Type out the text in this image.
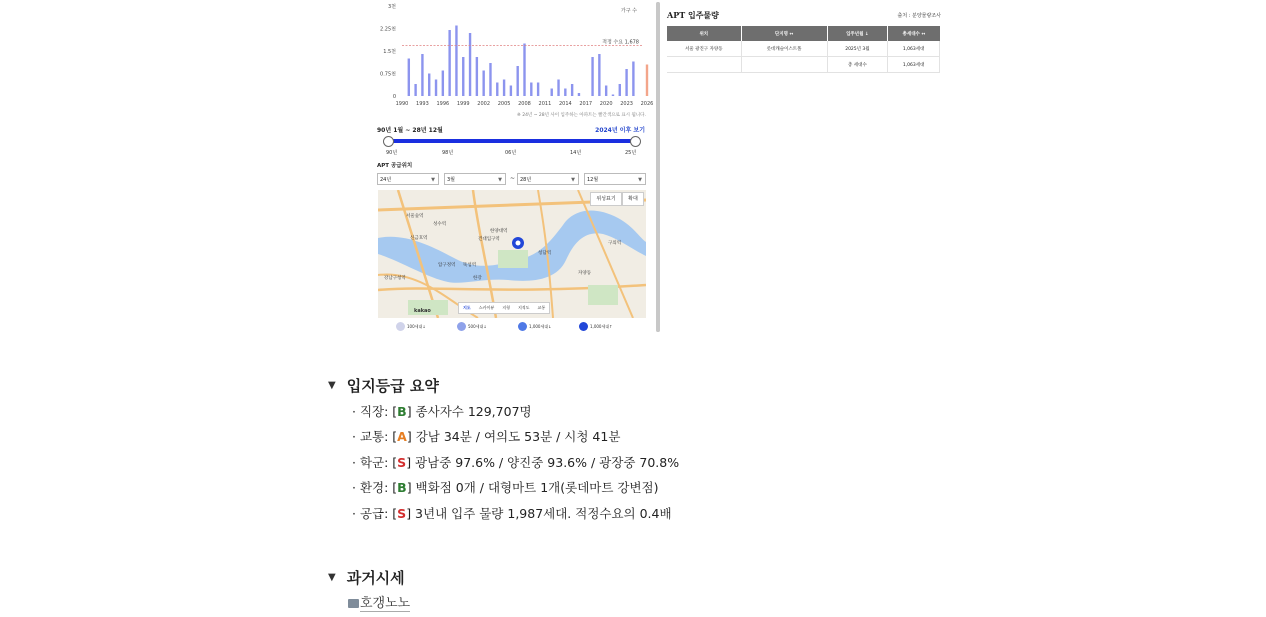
0
0.75천
1.5천
2.25천
3천
적정 수요 1,678
가구 수
1990 1993 1996 1999 2002 2005 2008 2011 2014 2017 2020 2023 2026
※ 24년 ~ 28년 사이 입주하는 아파트는 빨간색으로 표시 됩니다.
90년 1월 ~ 28년 12월	2024년 이후 보기
90년	98년	06년	14년	25년
APT 공급위치
24년	▼	3월	▼ ~ 28년	▼	12월	▼
서울숲역
성수역
한양대역
건대입구역
뚝섬역
신금호역
압구정역
청담역
한강
강남구청역
자양동
구의역
위성표기	확대
지도	스카이뷰	지형	지적도	교통
kakao
100세대↓	500세대↓	1,000세대↓	1,000세대↑
APT 입주물량	출처 : 분양물량조사
위치	단지명 ↔	입주년월 ↓	총세대수 ↔
서울 광진구 자양동	롯데캐슬이스트폴	2025년 3월	1,063세대
		총 세대수	1,063세대
▼ 입지등급 요약
· 직장: [B] 종사자수 129,707명
· 교통: [A] 강남 34분 / 여의도 53분 / 시청 41분
· 학군: [S] 광남중 97.6% / 양진중 93.6% / 광장중 70.8%
· 환경: [B] 백화점 0개 / 대형마트 1개(롯데마트 강변점)
· 공급: [S] 3년내 입주 물량 1,987세대. 적정수요의 0.4배
▼ 과거시세
호갱노노
